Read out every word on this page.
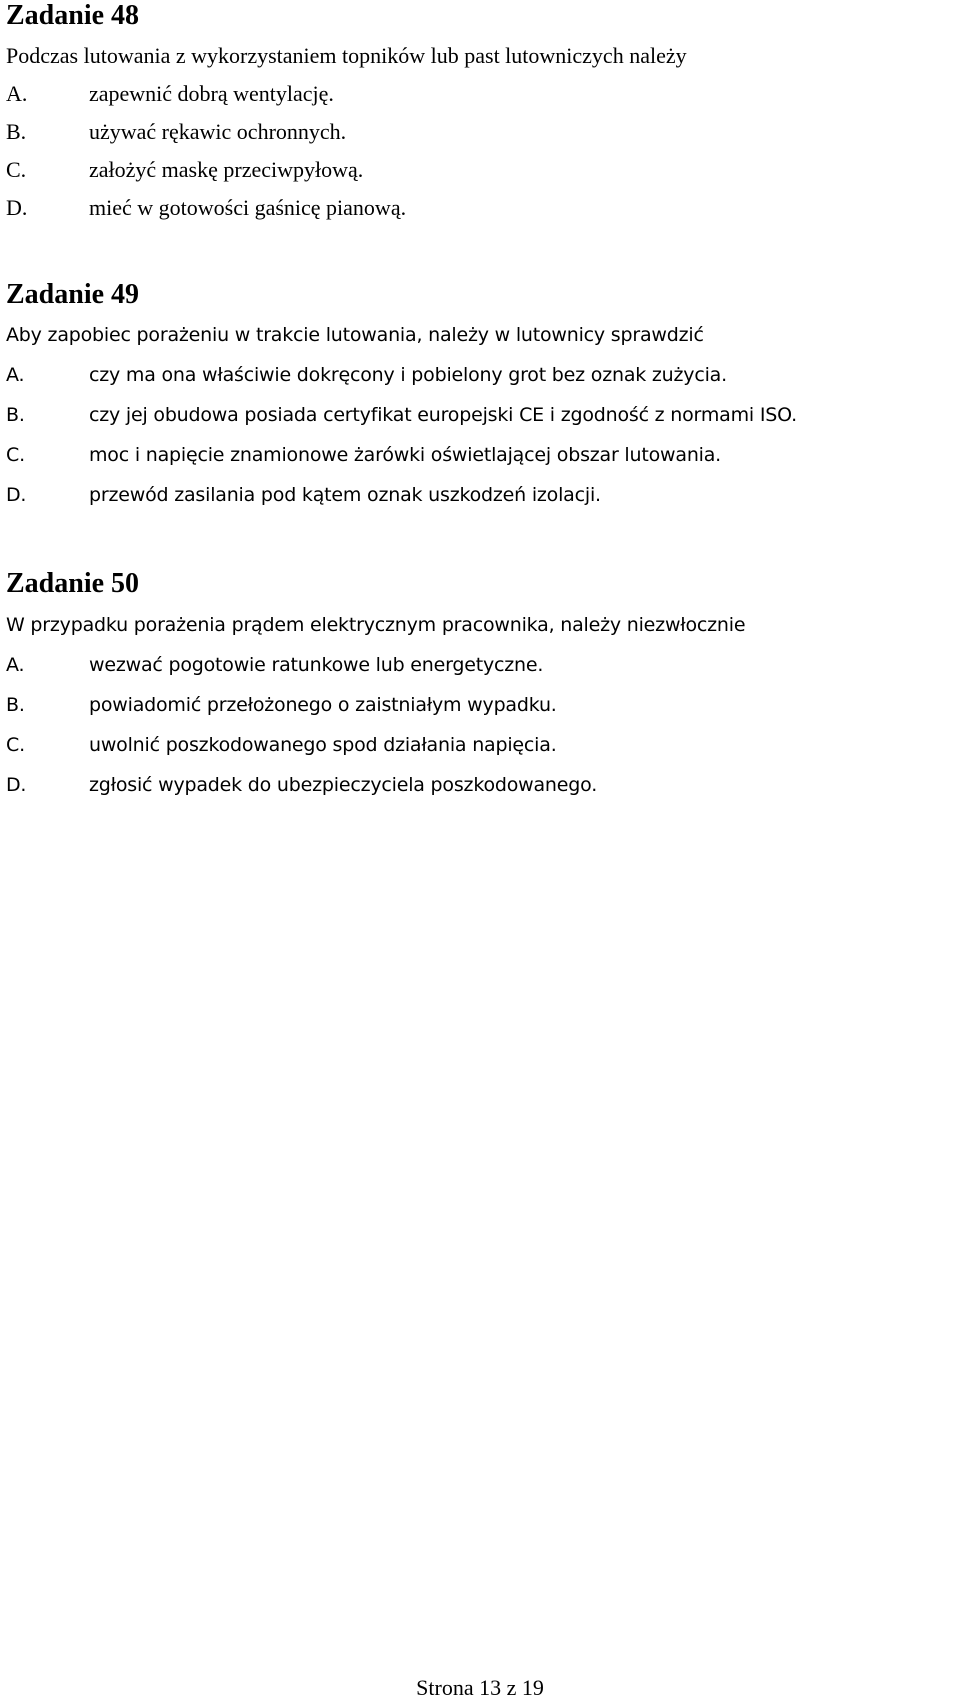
Zadanie 48

Podczas lutowania z wykorzystaniem topników lub past lutowniczych należy

A.	zapewnić dobrą wentylację.
B.	używać rękawic ochronnych.
C.	założyć maskę przeciwpyłową.
D.	mieć w gotowości gaśnicę pianową.
Zadanie 49

Aby zapobiec porażeniu w trakcie lutowania, należy w lutownicy sprawdzić

A.	czy ma ona właściwie dokręcony i pobielony grot bez oznak zużycia.
B.	czy jej obudowa posiada certyfikat europejski CE i zgodność z normami ISO.
C.	moc i napięcie znamionowe żarówki oświetlającej obszar lutowania.
D.	przewód zasilania pod kątem oznak uszkodzeń izolacji.
Zadanie 50

W przypadku porażenia prądem elektrycznym pracownika, należy niezwłocznie

A.	wezwać pogotowie ratunkowe lub energetyczne.
B.	powiadomić przełożonego o zaistniałym wypadku.
C.	uwolnić poszkodowanego spod działania napięcia.
D.	zgłosić wypadek do ubezpieczyciela poszkodowanego.
Strona 13 z 19
